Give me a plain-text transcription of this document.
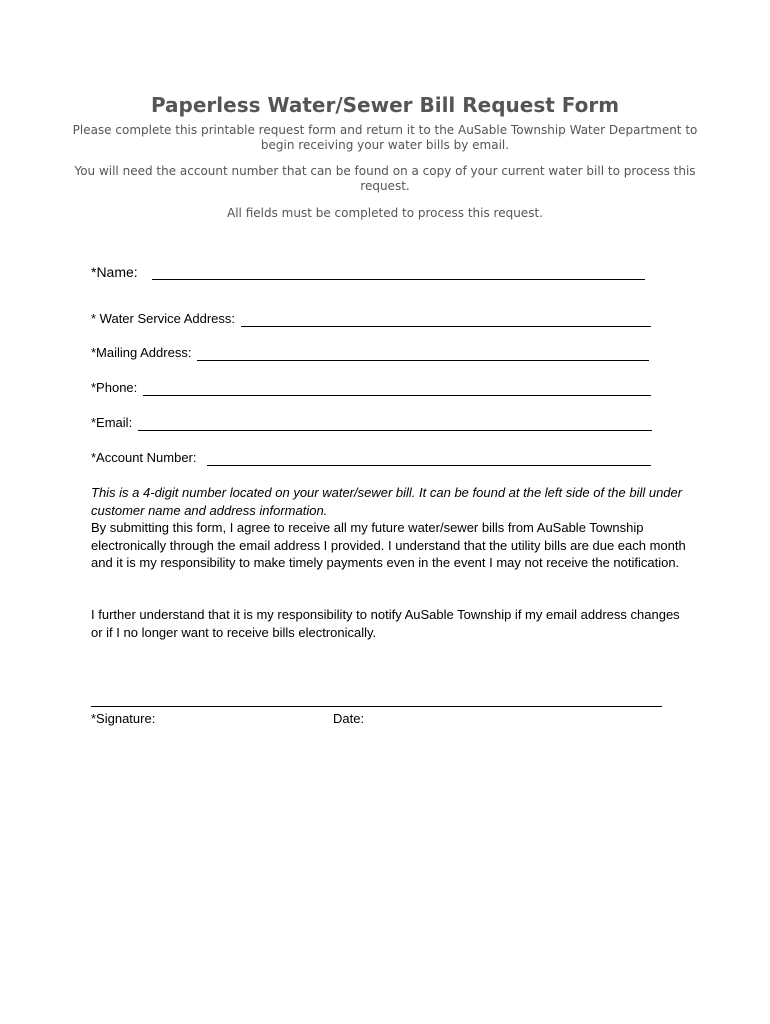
Paperless Water/Sewer Bill Request Form
Please complete this printable request form and return it to the AuSable Township Water Department to begin receiving your water bills by email.
You will need the account number that can be found on a copy of your current water bill to process this request.
All fields must be completed to process this request.
*Name:
* Water Service Address:
*Mailing Address:
*Phone:
*Email:
*Account Number:
This is a 4-digit number located on your water/sewer bill. It can be found at the left side of the bill under customer name and address information.
By submitting this form, I agree to receive all my future water/sewer bills from AuSable Township electronically through the email address I provided. I understand that the utility bills are due each month and it is my responsibility to make timely payments even in the event I may not receive the notification.
I further understand that it is my responsibility to notify AuSable Township if my email address changes or if I no longer want to receive bills electronically.
*Signature:	Date:
